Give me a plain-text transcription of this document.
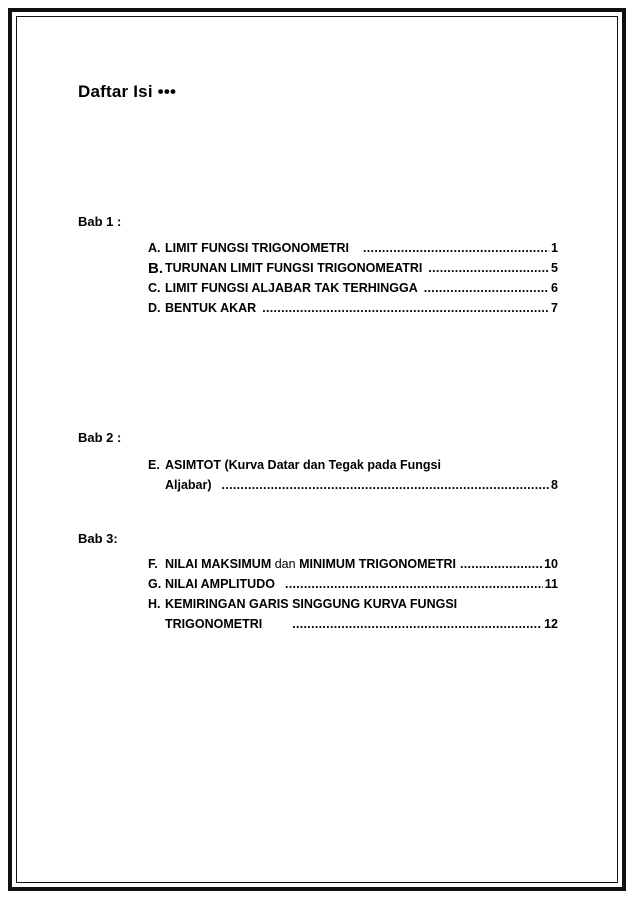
Daftar Isi •••
Bab 1 :
A. LIMIT FUNGSI TRIGONOMETRI .....	1
B. TURUNAN LIMIT FUNGSI TRIGONOMEATRI .....	5
C. LIMIT FUNGSI ALJABAR TAK TERHINGGA .....	6
D. BENTUK AKAR .....	7
Bab 2 :
E. ASIMTOT (Kurva Datar dan Tegak pada Fungsi
Aljabar) .....	8
Bab 3:
F. NILAI MAKSIMUM dan MINIMUM TRIGONOMETRI .....	10
G. NILAI AMPLITUDO .....	11
H. KEMIRINGAN GARIS SINGGUNG KURVA FUNGSI
TRIGONOMETRI .....	12
